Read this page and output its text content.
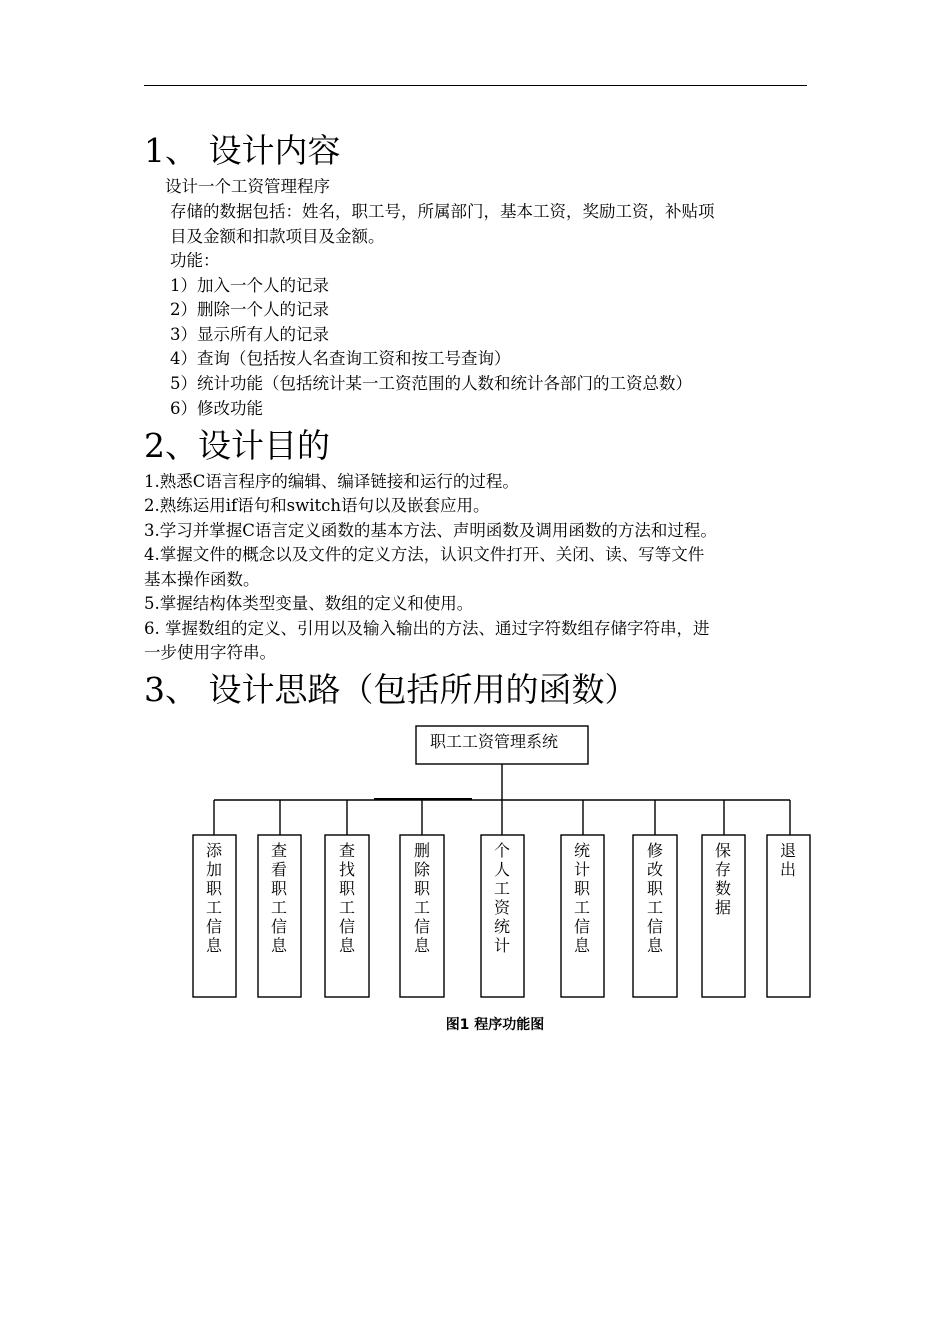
1、 设计内容
设计一个工资管理程序
存储的数据包括：姓名，职工号，所属部门，基本工资，奖励工资，补贴项
目及金额和扣款项目及金额。
功能：
1）加入一个人的记录
2）删除一个人的记录
3）显示所有人的记录
4）查询（包括按人名查询工资和按工号查询）
5）统计功能（包括统计某一工资范围的人数和统计各部门的工资总数）
6）修改功能
2、设计目的
1.熟悉C语言程序的编辑、编译链接和运行的过程。
2.熟练运用if语句和switch语句以及嵌套应用。
3.学习并掌握C语言定义函数的基本方法、声明函数及调用函数的方法和过程。
4.掌握文件的概念以及文件的定义方法，认识文件打开、关闭、读、写等文件
基本操作函数。
5.掌握结构体类型变量、数组的定义和使用。
6. 掌握数组的定义、引用以及输入输出的方法、通过字符数组存储字符串，进
一步使用字符串。
3、 设计思路（包括所用的函数）
职工工资管理系统
添加职工信息
查看职工信息
查找职工信息
删除职工信息
个人工资统计
统计职工信息
修改职工信息
保存数据
退出
图1 程序功能图
